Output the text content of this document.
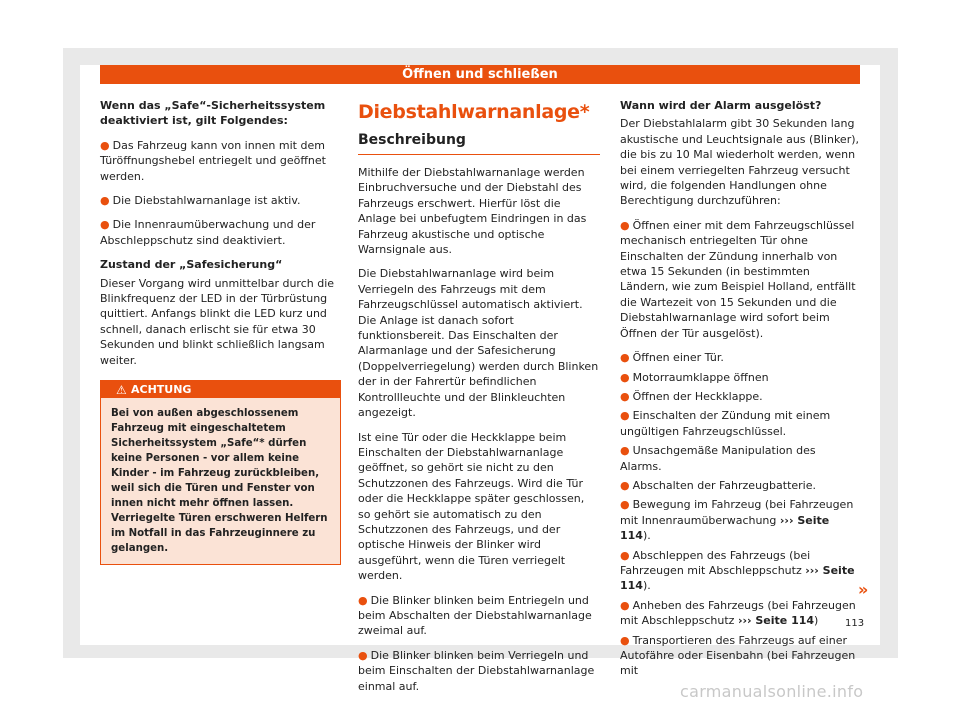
Öffnen und schließen

Wenn das „Safe“-Sicherheitssystem deaktiviert ist, gilt Folgendes:

● Das Fahrzeug kann von innen mit dem Türöffnungshebel entriegelt und geöffnet werden.

● Die Diebstahlwarnanlage ist aktiv.

● Die Innenraumüberwachung und der Abschleppschutz sind deaktiviert.

Zustand der „Safesicherung“

Dieser Vorgang wird unmittelbar durch die Blinkfrequenz der LED in der Türbrüstung quittiert. Anfangs blinkt die LED kurz und schnell, danach erlischt sie für etwa 30 Sekunden und blinkt schließlich langsam weiter.

⚠ ACHTUNG
Bei von außen abgeschlossenem Fahrzeug mit eingeschaltetem Sicherheitssystem „Safe“* dürfen keine Personen - vor allem keine Kinder - im Fahrzeug zurückbleiben, weil sich die Türen und Fenster von innen nicht mehr öffnen lassen. Verriegelte Türen erschweren Helfern im Notfall in das Fahrzeuginnere zu gelangen.
Diebstahlwarnanlage*
Beschreibung

Mithilfe der Diebstahlwarnanlage werden Einbruchversuche und der Diebstahl des Fahrzeugs erschwert. Hierfür löst die Anlage bei unbefugtem Eindringen in das Fahrzeug akustische und optische Warnsignale aus.

Die Diebstahlwarnanlage wird beim Verriegeln des Fahrzeugs mit dem Fahrzeugschlüssel automatisch aktiviert. Die Anlage ist danach sofort funktionsbereit. Das Einschalten der Alarmanlage und der Safesicherung (Doppelverriegelung) werden durch Blinken der in der Fahrertür befindlichen Kontrollleuchte und der Blinkleuchten angezeigt.

Ist eine Tür oder die Heckklappe beim Einschalten der Diebstahlwarnanlage geöffnet, so gehört sie nicht zu den Schutzzonen des Fahrzeugs. Wird die Tür oder die Heckklappe später geschlossen, so gehört sie automatisch zu den Schutzzonen des Fahrzeugs, und der optische Hinweis der Blinker wird ausgeführt, wenn die Türen verriegelt werden.

● Die Blinker blinken beim Entriegeln und beim Abschalten der Diebstahlwarnanlage zweimal auf.

● Die Blinker blinken beim Verriegeln und beim Einschalten der Diebstahlwarnanlage einmal auf.

Wann wird der Alarm ausgelöst?

Der Diebstahlalarm gibt 30 Sekunden lang akustische und Leuchtsignale aus (Blinker), die bis zu 10 Mal wiederholt werden, wenn bei einem verriegelten Fahrzeug versucht wird, die folgenden Handlungen ohne Berechtigung durchzuführen:

● Öffnen einer mit dem Fahrzeugschlüssel mechanisch entriegelten Tür ohne Einschalten der Zündung innerhalb von etwa 15 Sekunden (in bestimmten Ländern, wie zum Beispiel Holland, entfällt die Wartezeit von 15 Sekunden und die Diebstahlwarnanlage wird sofort beim Öffnen der Tür ausgelöst).

● Öffnen einer Tür.

● Motorraumklappe öffnen

● Öffnen der Heckklappe.

● Einschalten der Zündung mit einem ungültigen Fahrzeugschlüssel.

● Unsachgemäße Manipulation des Alarms.

● Abschalten der Fahrzeugbatterie.

● Bewegung im Fahrzeug (bei Fahrzeugen mit Innenraumüberwachung ››› Seite 114).

● Abschleppen des Fahrzeugs (bei Fahrzeugen mit Abschleppschutz ››› Seite 114).

● Anheben des Fahrzeugs (bei Fahrzeugen mit Abschleppschutz ››› Seite 114)

● Transportieren des Fahrzeugs auf einer Autofähre oder Eisenbahn (bei Fahrzeugen mit

»
113
carmanualsonline.info
